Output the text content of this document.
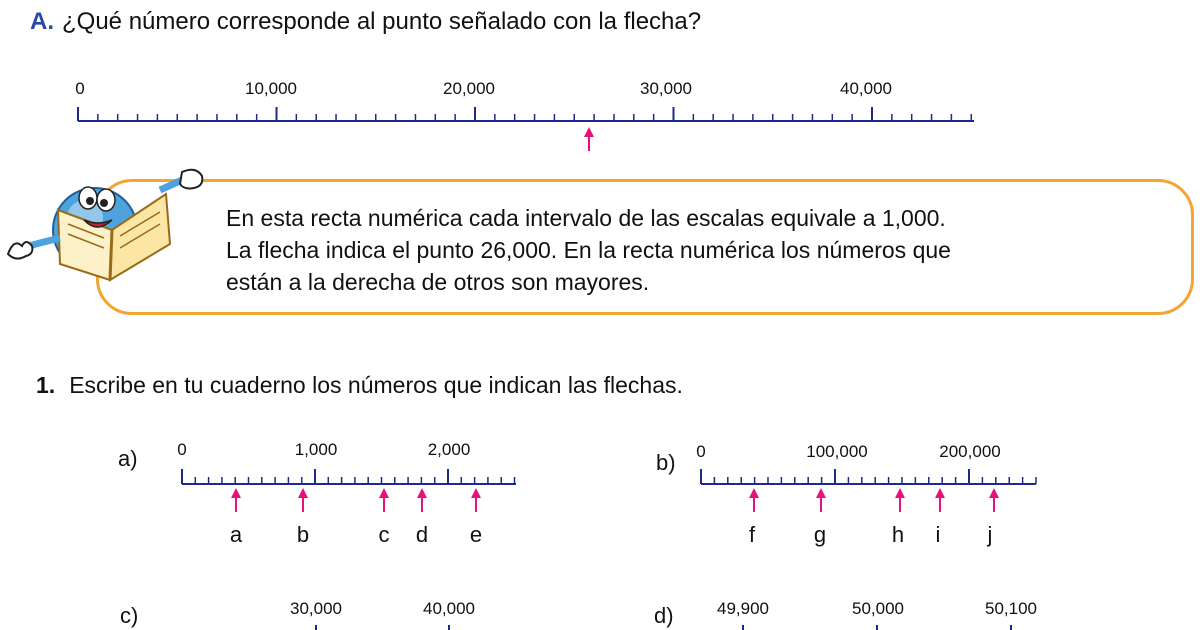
A. ¿Qué número corresponde al punto señalado con la flecha?

En esta recta numérica cada intervalo de las escalas equivale a 1,000.
La flecha indica el punto 26,000. En la recta numérica los números que
están a la derecha de otros son mayores.

1. Escribe en tu cuaderno los números que indican las flechas.
a)	b)
c)	d)
0	10,000	20,000	30,000	40,000
0	1,000	2,000	0	100,000	200,000
30,000	40,000	49,900	50,000	50,100
a b	c d e	f	g	h i j
